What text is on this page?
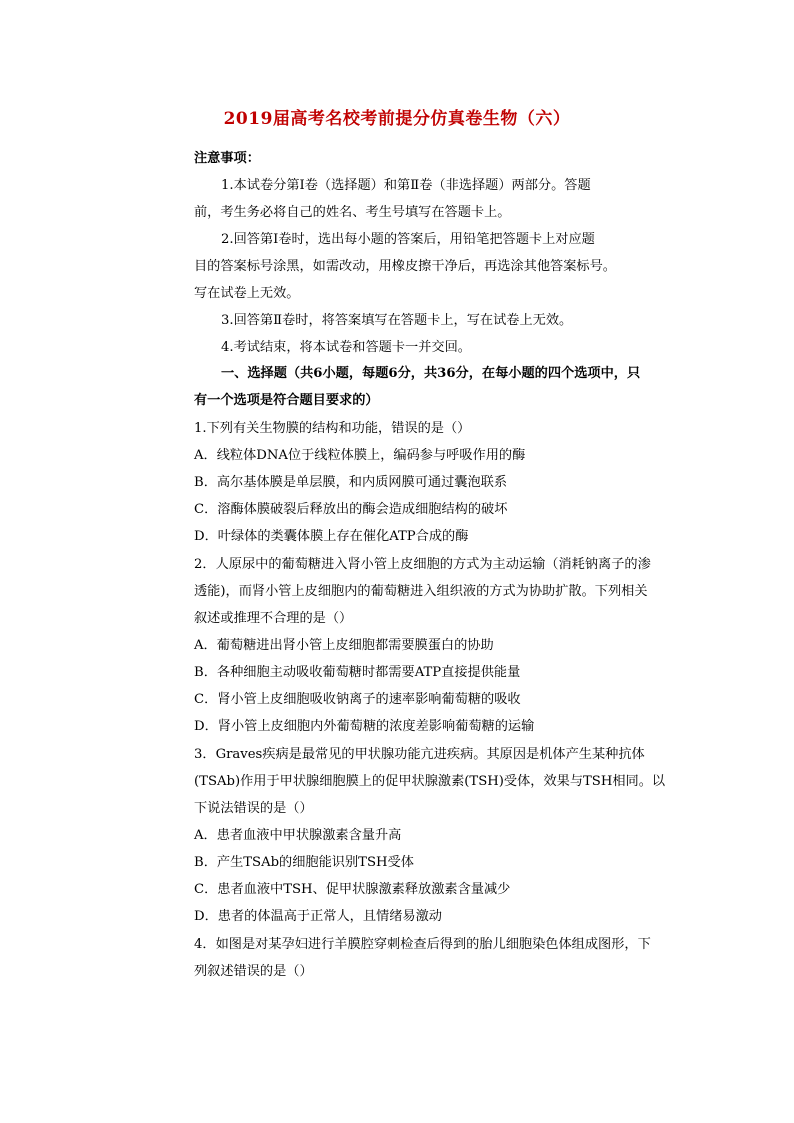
2019届高考名校考前提分仿真卷生物（六）
注意事项：
1.本试卷分第Ⅰ卷（选择题）和第Ⅱ卷（非选择题）两部分。答题
前，考生务必将自己的姓名、考生号填写在答题卡上。
2.回答第Ⅰ卷时，选出每小题的答案后，用铅笔把答题卡上对应题
目的答案标号涂黑，如需改动，用橡皮擦干净后，再选涂其他答案标号。
写在试卷上无效。
3.回答第Ⅱ卷时，将答案填写在答题卡上，写在试卷上无效。
4.考试结束，将本试卷和答题卡一并交回。
一、选择题（共6小题，每题6分，共36分，在每小题的四个选项中，只
有一个选项是符合题目要求的）
1.下列有关生物膜的结构和功能，错误的是（）
A．线粒体DNA位于线粒体膜上，编码参与呼吸作用的酶
B．高尔基体膜是单层膜，和内质网膜可通过囊泡联系
C．溶酶体膜破裂后释放出的酶会造成细胞结构的破坏
D．叶绿体的类囊体膜上存在催化ATP合成的酶
2．人原尿中的葡萄糖进入肾小管上皮细胞的方式为主动运输（消耗钠离子的渗
透能)，而肾小管上皮细胞内的葡萄糖进入组织液的方式为协助扩散。下列相关
叙述或推理不合理的是（）
A．葡萄糖进出肾小管上皮细胞都需要膜蛋白的协助
B．各种细胞主动吸收葡萄糖时都需要ATP直接提供能量
C．肾小管上皮细胞吸收钠离子的速率影响葡萄糖的吸收
D．肾小管上皮细胞内外葡萄糖的浓度差影响葡萄糖的运输
3．Graves疾病是最常见的甲状腺功能亢进疾病。其原因是机体产生某种抗体
(TSAb)作用于甲状腺细胞膜上的促甲状腺激素(TSH)受体，效果与TSH相同。以
下说法错误的是（）
A．患者血液中甲状腺激素含量升高
B．产生TSAb的细胞能识别TSH受体
C．患者血液中TSH、促甲状腺激素释放激素含量减少
D．患者的体温高于正常人，且情绪易激动
4．如图是对某孕妇进行羊膜腔穿刺检查后得到的胎儿细胞染色体组成图形，下
列叙述错误的是（）
